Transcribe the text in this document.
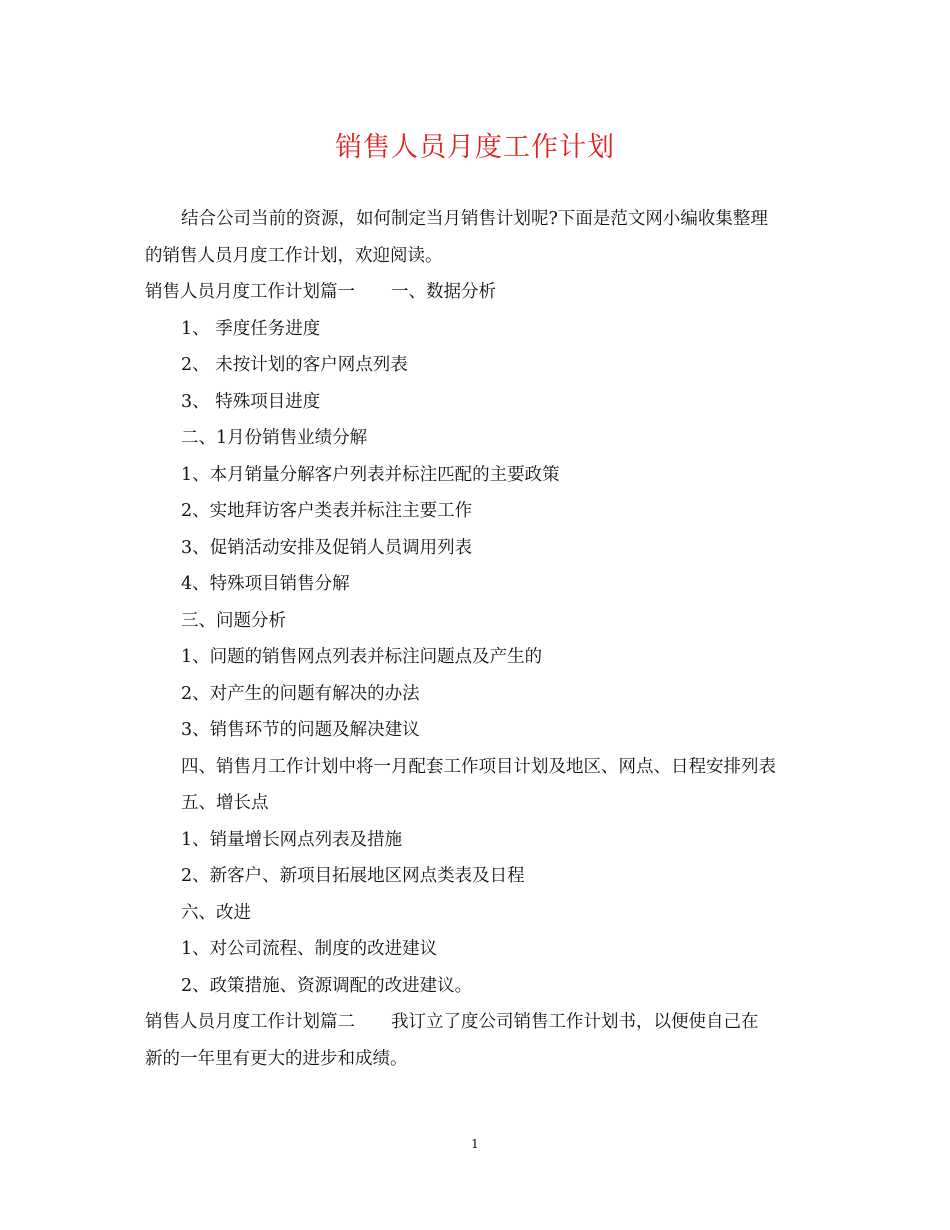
销售人员月度工作计划

结合公司当前的资源，如何制定当月销售计划呢?下面是范文网小编收集整理

的销售人员月度工作计划，欢迎阅读。

销售人员月度工作计划篇一 一、数据分析

1、 季度任务进度

2、 未按计划的客户网点列表

3、 特殊项目进度

二、1月份销售业绩分解

1、本月销量分解客户列表并标注匹配的主要政策

2、实地拜访客户类表并标注主要工作

3、促销活动安排及促销人员调用列表

4、特殊项目销售分解

三、问题分析

1、问题的销售网点列表并标注问题点及产生的

2、对产生的问题有解决的办法

3、销售环节的问题及解决建议

四、销售月工作计划中将一月配套工作项目计划及地区、网点、日程安排列表

五、增长点

1、销量增长网点列表及措施

2、新客户、新项目拓展地区网点类表及日程

六、改进

1、对公司流程、制度的改进建议

2、政策措施、资源调配的改进建议。

销售人员月度工作计划篇二 我订立了度公司销售工作计划书，以便使自己在

新的一年里有更大的进步和成绩。

1
